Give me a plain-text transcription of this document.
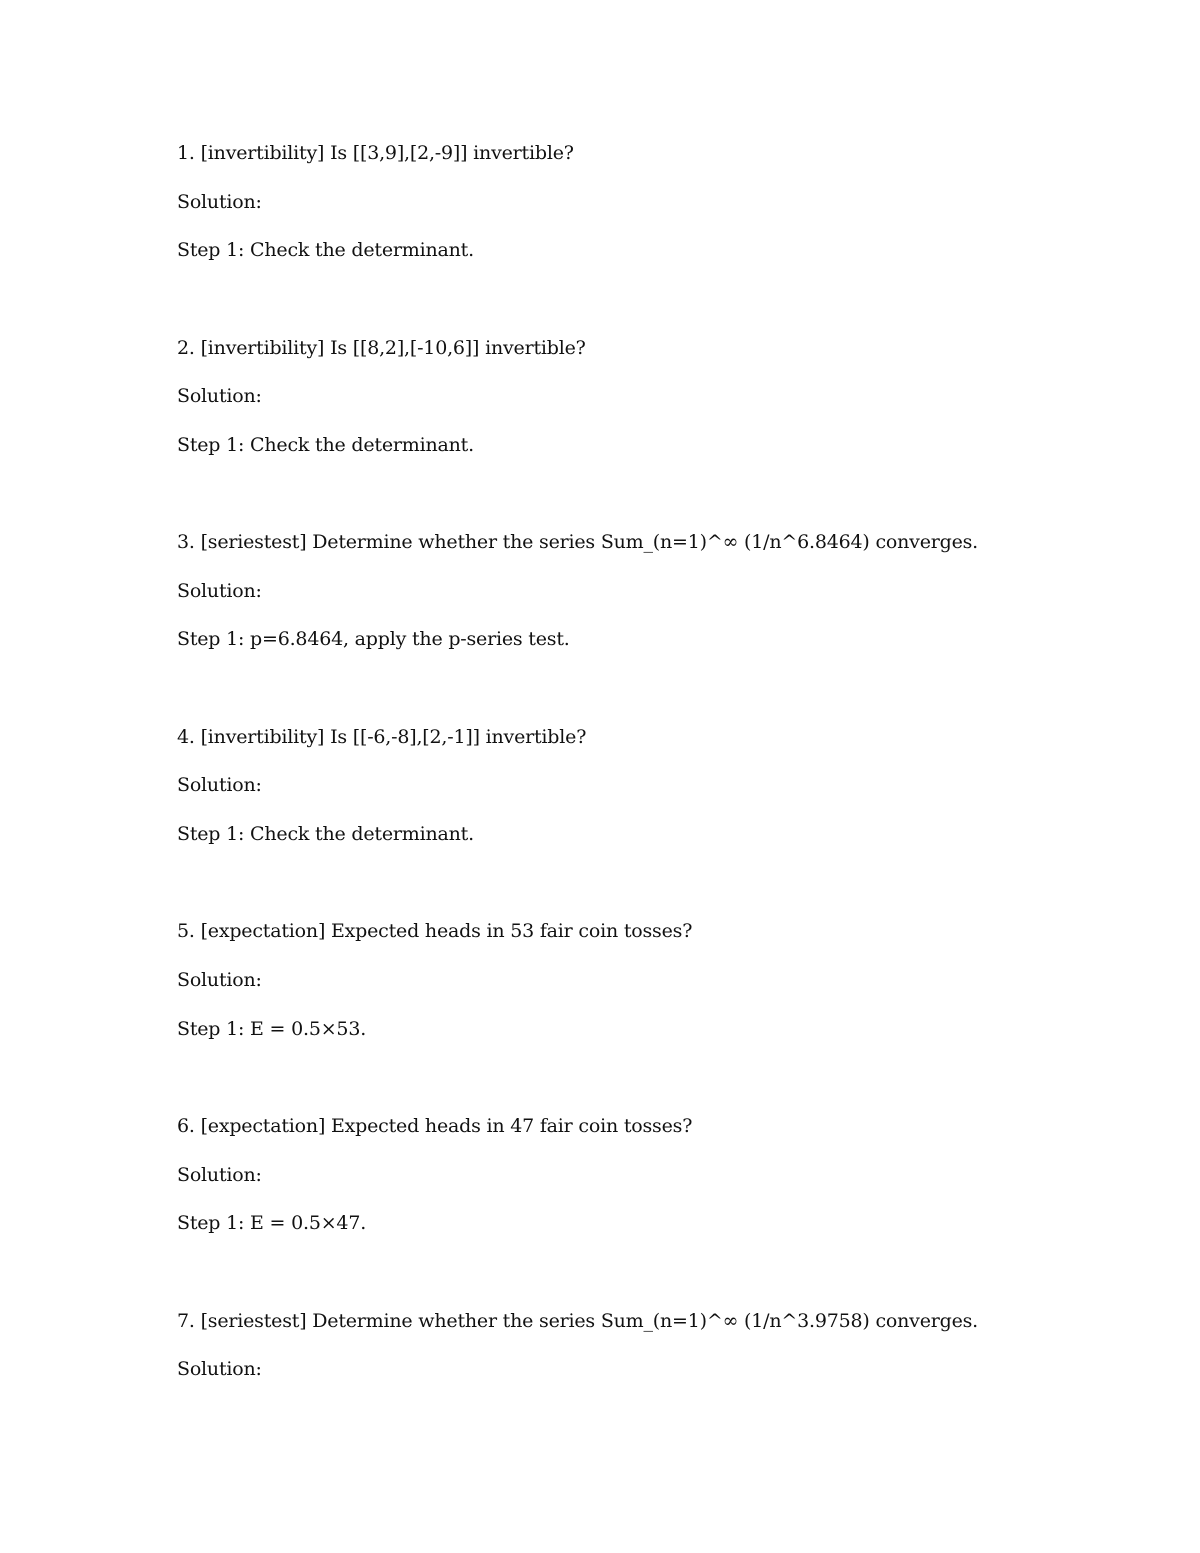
1. [invertibility] Is [[3,9],[2,-9]] invertible?

Solution:

Step 1: Check the determinant.

2. [invertibility] Is [[8,2],[-10,6]] invertible?

Solution:

Step 1: Check the determinant.

3. [seriestest] Determine whether the series Sum_(n=1)^∞ (1/n^6.8464) converges.

Solution:

Step 1: p=6.8464, apply the p-series test.

4. [invertibility] Is [[-6,-8],[2,-1]] invertible?

Solution:

Step 1: Check the determinant.

5. [expectation] Expected heads in 53 fair coin tosses?

Solution:

Step 1: E = 0.5×53.

6. [expectation] Expected heads in 47 fair coin tosses?

Solution:

Step 1: E = 0.5×47.

7. [seriestest] Determine whether the series Sum_(n=1)^∞ (1/n^3.9758) converges.

Solution:
